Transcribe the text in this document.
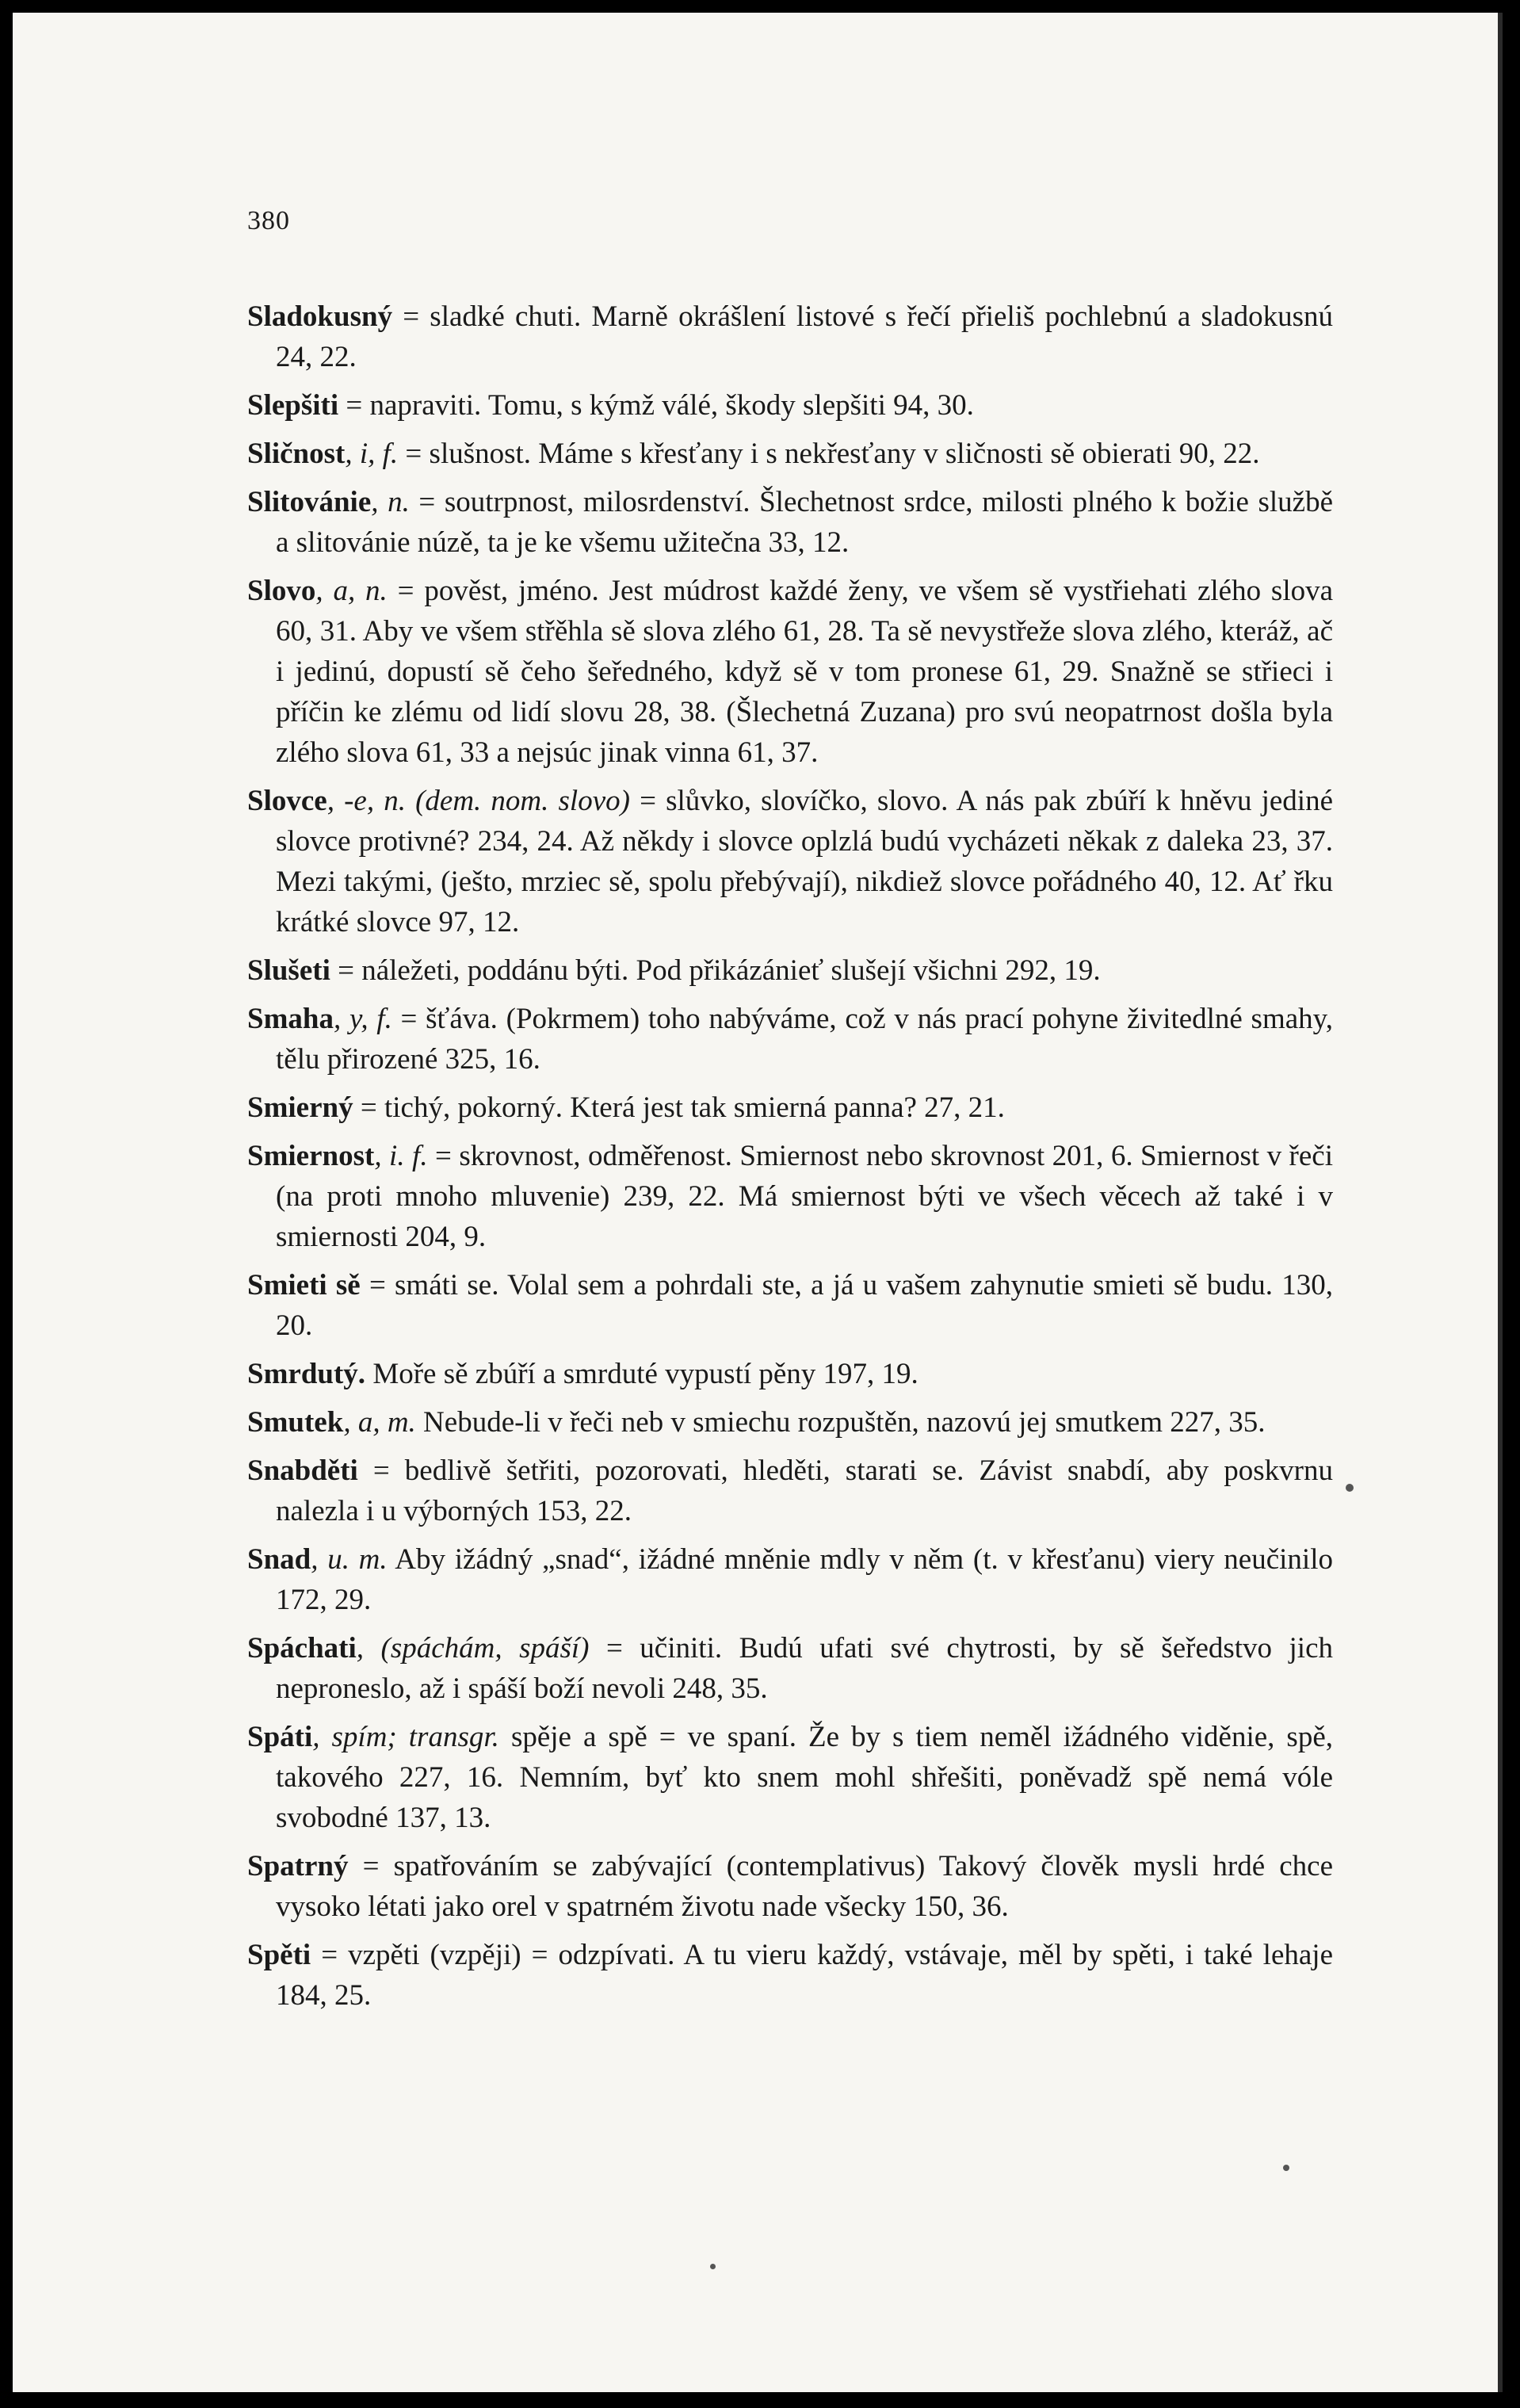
380

Sladokusný = sladké chuti. Marně okrášlení listové s řečí přieliš pochlebnú a sladokusnú 24, 22.

Slepšiti = napraviti. Tomu, s kýmž válé, škody slepšiti 94, 30.

Sličnost, i, f. = slušnost. Máme s křesťany i s nekřesťany v sličnosti sě obierati 90, 22.

Slitovánie, n. = soutrpnost, milosrdenství. Šlechetnost srdce, milosti plného k božie službě a slitovánie núzě, ta je ke všemu užitečna 33, 12.

Slovo, a, n. = pověst, jméno. Jest múdrost každé ženy, ve všem sě vystřiehati zlého slova 60, 31. Aby ve všem střěhla sě slova zlého 61, 28. Ta sě nevystřeže slova zlého, kteráž, ač i jedinú, dopustí sě čeho šeředného, když sě v tom pronese 61, 29. Snažně se střieci i příčin ke zlému od lidí slovu 28, 38. (Šlechetná Zuzana) pro svú neopatrnost došla byla zlého slova 61, 33 a nejsúc jinak vinna 61, 37.

Slovce, -e, n. (dem. nom. slovo) = slůvko, slovíčko, slovo. A nás pak zbúří k hněvu jediné slovce protivné? 234, 24. Až někdy i slovce oplzlá budú vycházeti někak z daleka 23, 37. Mezi takými, (ješto, mrziec sě, spolu přebývají), nikdiež slovce pořádného 40, 12. Ať řku krátké slovce 97, 12.

Slušeti = náležeti, poddánu býti. Pod přikázánieť slušejí všichni 292, 19.

Smaha, y, f. = šťáva. (Pokrmem) toho nabýváme, což v nás prací pohyne živitedlné smahy, tělu přirozené 325, 16.

Smierný = tichý, pokorný. Která jest tak smierná panna? 27, 21.

Smiernost, i. f. = skrovnost, odměřenost. Smiernost nebo skrovnost 201, 6. Smiernost v řeči (na proti mnoho mluvenie) 239, 22. Má smiernost býti ve všech věcech až také i v smiernosti 204, 9.

Smieti sě = smáti se. Volal sem a pohrdali ste, a já u vašem zahynutie smieti sě budu. 130, 20.

Smrdutý. Moře sě zbúří a smrduté vypustí pěny 197, 19.

Smutek, a, m. Nebude-li v řeči neb v smiechu rozpuštěn, nazovú jej smutkem 227, 35.

Snabděti = bedlivě šetřiti, pozorovati, hleděti, starati se. Závist snabdí, aby poskvrnu nalezla i u výborných 153, 22.

Snad, u. m. Aby ižádný „snad“, ižádné mněnie mdly v něm (t. v křesťanu) viery neučinilo 172, 29.

Spáchati, (spáchám, spáší) = učiniti. Budú ufati své chytrosti, by sě šeředstvo jich neproneslo, až i spáší boží nevoli 248, 35.

Spáti, spím; transgr. spěje a spě = ve spaní. Že by s tiem neměl ižádného viděnie, spě, takového 227, 16. Nemním, byť kto snem mohl shřešiti, poněvadž spě nemá vóle svobodné 137, 13.

Spatrný = spatřováním se zabývající (contemplativus) Takový člověk mysli hrdé chce vysoko létati jako orel v spatrném životu nade všecky 150, 36.

Spěti = vzpěti (vzpěji) = odzpívati. A tu vieru každý, vstávaje, měl by spěti, i také lehaje 184, 25.
